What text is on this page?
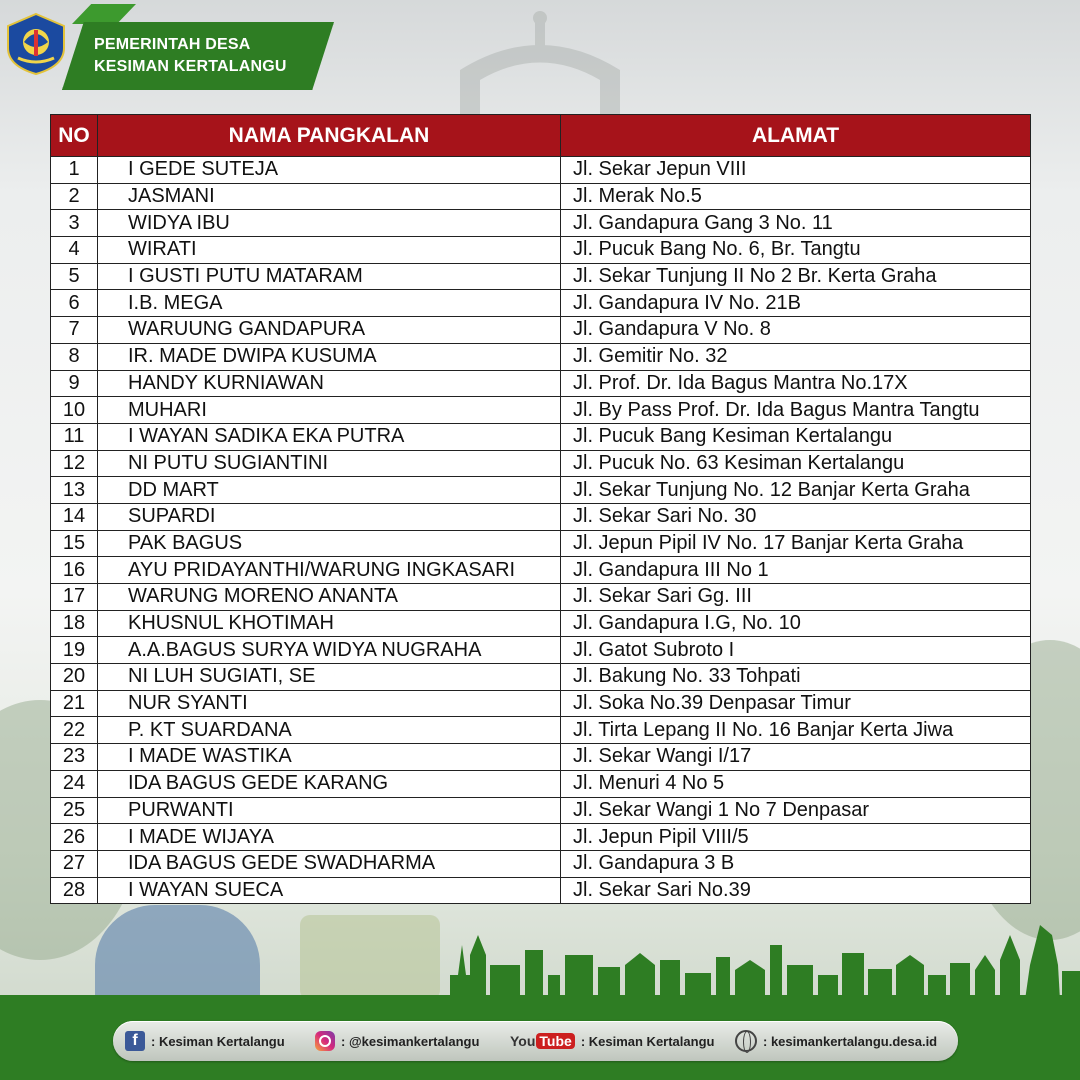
PEMERINTAH DESA
KESIMAN KERTALANGU
NO	NAMA PANGKALAN	ALAMAT
1	I GEDE SUTEJA	Jl. Sekar Jepun VIII
2	JASMANI	Jl. Merak No.5
3	WIDYA IBU	Jl. Gandapura Gang 3 No. 11
4	WIRATI	Jl. Pucuk Bang No. 6, Br. Tangtu
5	I GUSTI PUTU MATARAM	Jl. Sekar Tunjung II No 2 Br. Kerta Graha
6	I.B. MEGA	Jl. Gandapura IV No. 21B
7	WARUUNG GANDAPURA	Jl. Gandapura V No. 8
8	IR. MADE DWIPA KUSUMA	Jl. Gemitir No. 32
9	HANDY KURNIAWAN	Jl. Prof. Dr. Ida Bagus Mantra No.17X
10	MUHARI	Jl. By Pass Prof. Dr. Ida Bagus Mantra Tangtu
11	I WAYAN SADIKA EKA PUTRA	Jl. Pucuk Bang Kesiman Kertalangu
12	NI PUTU SUGIANTINI	Jl. Pucuk No. 63 Kesiman Kertalangu
13	DD MART	Jl. Sekar Tunjung No. 12 Banjar Kerta Graha
14	SUPARDI	Jl. Sekar Sari No. 30
15	PAK BAGUS	Jl. Jepun Pipil IV No. 17 Banjar Kerta Graha
16	AYU PRIDAYANTHI/WARUNG INGKASARI	Jl. Gandapura III No 1
17	WARUNG MORENO ANANTA	Jl. Sekar Sari Gg. III
18	KHUSNUL KHOTIMAH	Jl. Gandapura I.G, No. 10
19	A.A.BAGUS SURYA WIDYA NUGRAHA	Jl. Gatot Subroto I
20	NI LUH SUGIATI, SE	Jl. Bakung No. 33 Tohpati
21	NUR SYANTI	Jl. Soka No.39 Denpasar Timur
22	P. KT SUARDANA	Jl. Tirta Lepang II No. 16 Banjar Kerta Jiwa
23	I MADE WASTIKA	Jl. Sekar Wangi I/17
24	IDA BAGUS GEDE KARANG	Jl. Menuri 4 No 5
25	PURWANTI	Jl. Sekar Wangi 1 No 7 Denpasar
26	I MADE WIJAYA	Jl. Jepun Pipil VIII/5
27	IDA BAGUS GEDE SWADHARMA	Jl. Gandapura 3 B
28	I WAYAN SUECA	Jl. Sekar Sari No.39
f	: Kesiman Kertalangu	: @kesimankertalangu You Tube : Kesiman Kertalangu	: kesimankertalangu.desa.id
